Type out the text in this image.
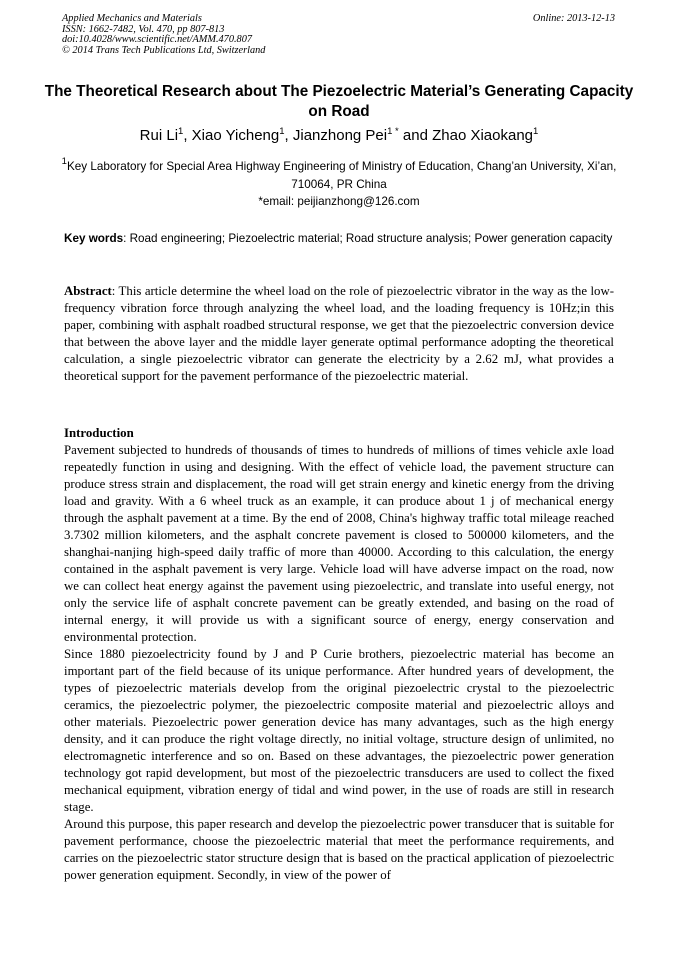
Applied Mechanics and Materials
ISSN: 1662-7482, Vol. 470, pp 807-813
doi:10.4028/www.scientific.net/AMM.470.807
© 2014 Trans Tech Publications Ltd, Switzerland
Online: 2013-12-13
The Theoretical Research about The Piezoelectric Material’s Generating Capacity on Road
Rui Li$^1$, Xiao Yicheng$^1$, Jianzhong Pei$^{1 *}$ and Zhao Xiaokang$^1$
$^1$Key Laboratory for Special Area Highway Engineering of Ministry of Education, Chang’an University, Xi’an, 710064, PR China
*email: peijianzhong@126.com

Key words: Road engineering; Piezoelectric material; Road structure analysis; Power generation capacity

Abstract: This article determine the wheel load on the role of piezoelectric vibrator in the way as the low-frequency vibration force through analyzing the wheel load, and the loading frequency is 10Hz;in this paper, combining with asphalt roadbed structural response, we get that the piezoelectric conversion device that between the above layer and the middle layer generate optimal performance adopting the theoretical calculation, a single piezoelectric vibrator can generate the electricity by a 2.62 mJ, what provides a theoretical support for the pavement performance of the piezoelectric material.

Introduction

Pavement subjected to hundreds of thousands of times to hundreds of millions of times vehicle axle load repeatedly function in using and designing. With the effect of vehicle load, the pavement structure can produce stress strain and displacement, the road will get strain energy and kinetic energy from the driving load and gravity. With a 6 wheel truck as an example, it can produce about 1 j of mechanical energy through the asphalt pavement at a time. By the end of 2008, China's highway traffic total mileage reached 3.7302 million kilometers, and the asphalt concrete pavement is closed to 500000 kilometers, and the shanghai-nanjing high-speed daily traffic of more than 40000. According to this calculation, the energy contained in the asphalt pavement is very large. Vehicle load will have adverse impact on the road, now we can collect heat energy against the pavement using piezoelectric, and translate into useful energy, not only the service life of asphalt concrete pavement can be greatly extended, and basing on the road of internal energy, it will provide us with a significant source of energy, energy conservation and environmental protection.

Since 1880 piezoelectricity found by J and P Curie brothers, piezoelectric material has become an important part of the field because of its unique performance. After hundred years of development, the types of piezoelectric materials develop from the original piezoelectric crystal to the piezoelectric ceramics, the piezoelectric polymer, the piezoelectric composite material and piezoelectric alloys and other materials. Piezoelectric power generation device has many advantages, such as the high energy density, and it can produce the right voltage directly, no initial voltage, structure design of unlimited, no electromagnetic interference and so on. Based on these advantages, the piezoelectric power generation technology got rapid development, but most of the piezoelectric transducers are used to collect the fixed mechanical equipment, vibration energy of tidal and wind power, in the use of roads are still in research stage.

Around this purpose, this paper research and develop the piezoelectric power transducer that is suitable for pavement performance, choose the piezoelectric material that meet the performance requirements, and carries on the piezoelectric stator structure design that is based on the practical application of piezoelectric power generation equipment. Secondly, in view of the power of
